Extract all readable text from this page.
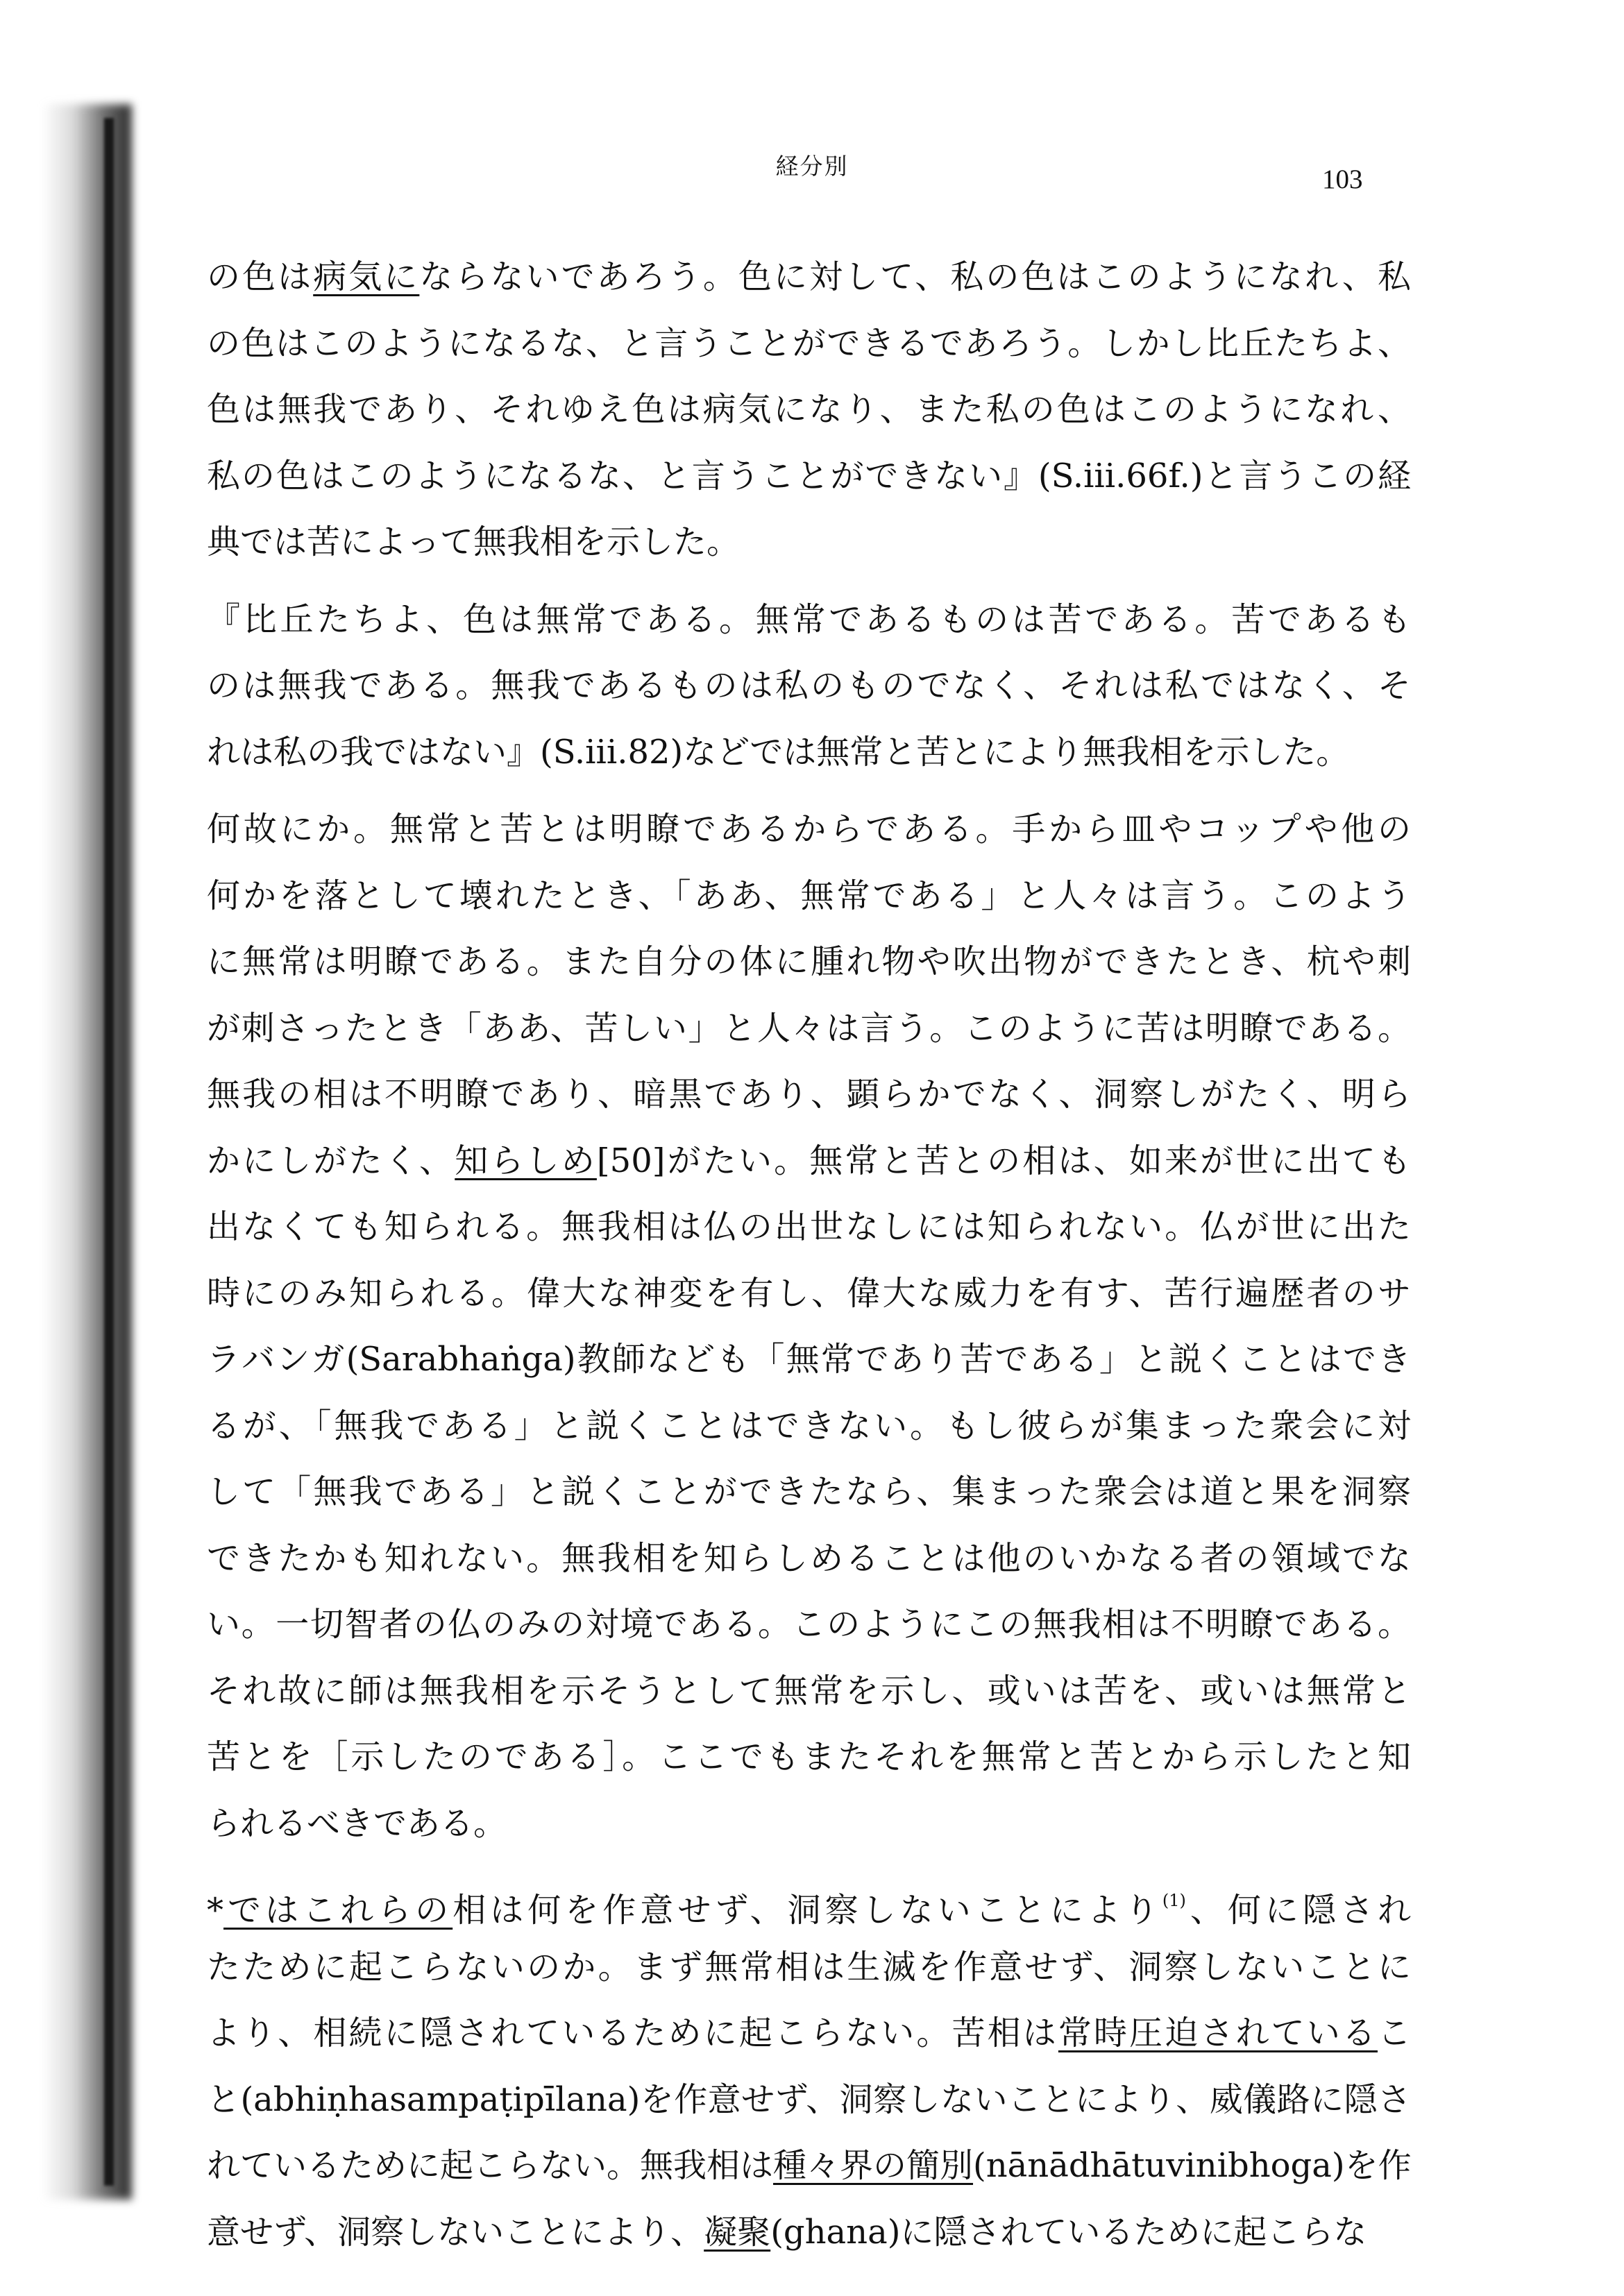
経分別	103
の色は病気にならないであろう。色に対して、私の色はこのようになれ、私
の色はこのようになるな、と言うことができるであろう。しかし比丘たちよ、
色は無我であり、それゆえ色は病気になり、また私の色はこのようになれ、
私の色はこのようになるな、と言うことができない』(S.iii.66f.)と言うこの経
典では苦によって無我相を示した。
『比丘たちよ、色は無常である。無常であるものは苦である。苦であるも
のは無我である。無我であるものは私のものでなく、それは私ではなく、そ
れは私の我ではない』(S.iii.82)などでは無常と苦とにより無我相を示した。
何故にか。無常と苦とは明瞭であるからである。手から皿やコップや他の
何かを落として壊れたとき、「ああ、無常である」と人々は言う。このよう
に無常は明瞭である。また自分の体に腫れ物や吹出物ができたとき、杭や刺
が刺さったとき「ああ、苦しい」と人々は言う。このように苦は明瞭である。
無我の相は不明瞭であり、暗黒であり、顕らかでなく、洞察しがたく、明ら
かにしがたく、知らしめ[50]がたい。無常と苦との相は、如来が世に出ても
出なくても知られる。無我相は仏の出世なしには知られない。仏が世に出た
時にのみ知られる。偉大な神変を有し、偉大な威力を有す、苦行遍歴者のサ
ラバンガ(Sarabhaṅga)教師なども「無常であり苦である」と説くことはでき
るが、「無我である」と説くことはできない。もし彼らが集まった衆会に対
して「無我である」と説くことができたなら、集まった衆会は道と果を洞察
できたかも知れない。無我相を知らしめることは他のいかなる者の領域でな
い。一切智者の仏のみの対境である。このようにこの無我相は不明瞭である。
それ故に師は無我相を示そうとして無常を示し、或いは苦を、或いは無常と
苦とを［示したのである］。ここでもまたそれを無常と苦とから示したと知
られるべきである。
*ではこれらの相は何を作意せず、洞察しないことにより$^{(1)}$、何に隠され
たために起こらないのか。まず無常相は生滅を作意せず、洞察しないことに
より、相続に隠されているために起こらない。苦相は常時圧迫されているこ
と(abhiṇhasampaṭipīlana)を作意せず、洞察しないことにより、威儀路に隠さ
れているために起こらない。無我相は種々界の簡別(nānādhātuvinibhoga)を作
意せず、洞察しないことにより、凝聚(ghana)に隠されているために起こらな
